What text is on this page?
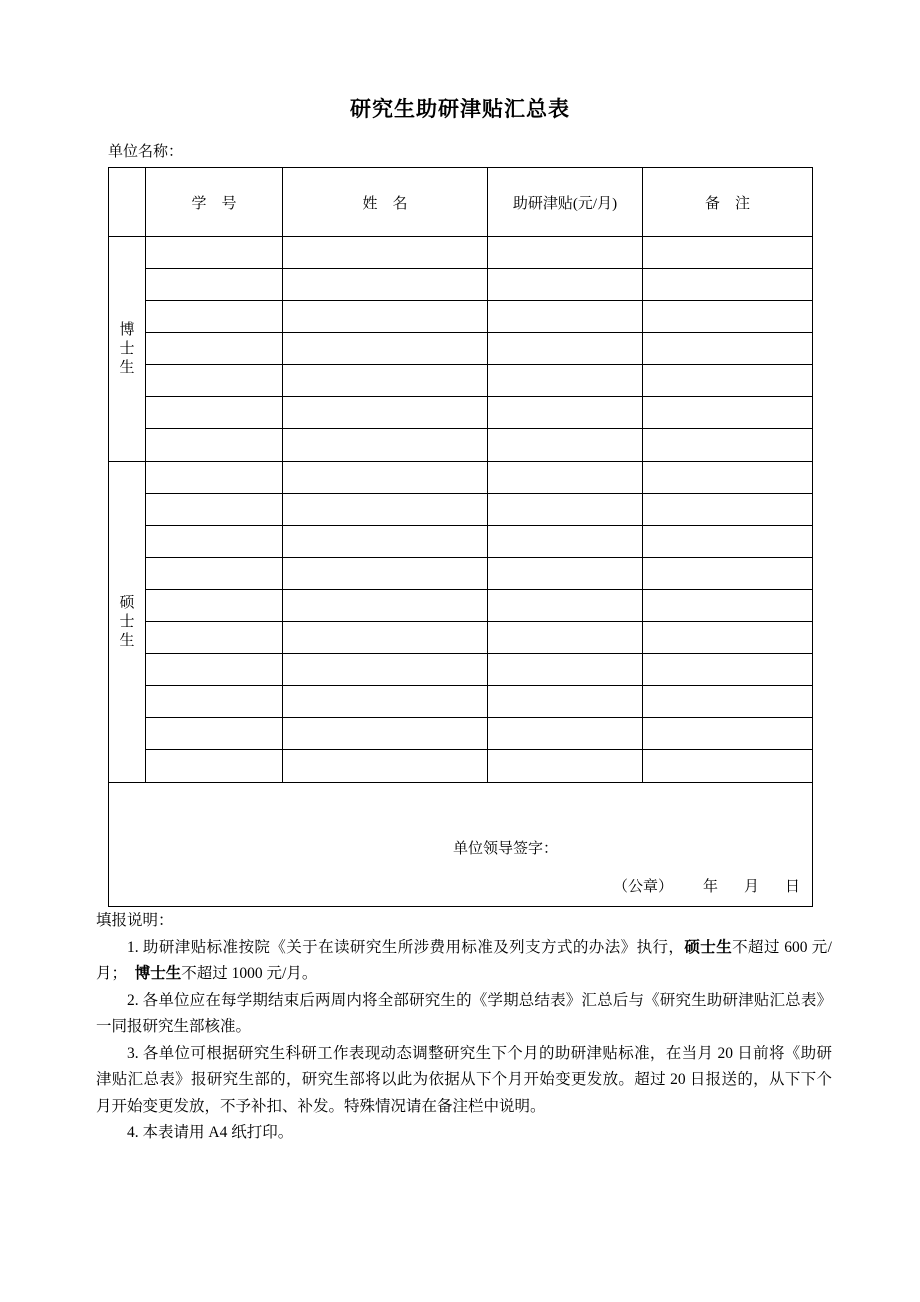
研究生助研津贴汇总表
单位名称：
	学　号	姓　名	助研津贴(元/月)	备　注

博
士
生				

硕
士
生				

单位领导签字：
（公章） 年 月 日				

填报说明：

1. 助研津贴标准按院《关于在读研究生所涉费用标准及列支方式的办法》执行，硕士生不超过 600 元/月；　博士生不超过 1000 元/月。

2. 各单位应在每学期结束后两周内将全部研究生的《学期总结表》汇总后与《研究生助研津贴汇总表》一同报研究生部核准。

3. 各单位可根据研究生科研工作表现动态调整研究生下个月的助研津贴标准，在当月 20 日前将《助研津贴汇总表》报研究生部的，研究生部将以此为依据从下个月开始变更发放。超过 20 日报送的，从下下个月开始变更发放，不予补扣、补发。特殊情况请在备注栏中说明。

4. 本表请用 A4 纸打印。
